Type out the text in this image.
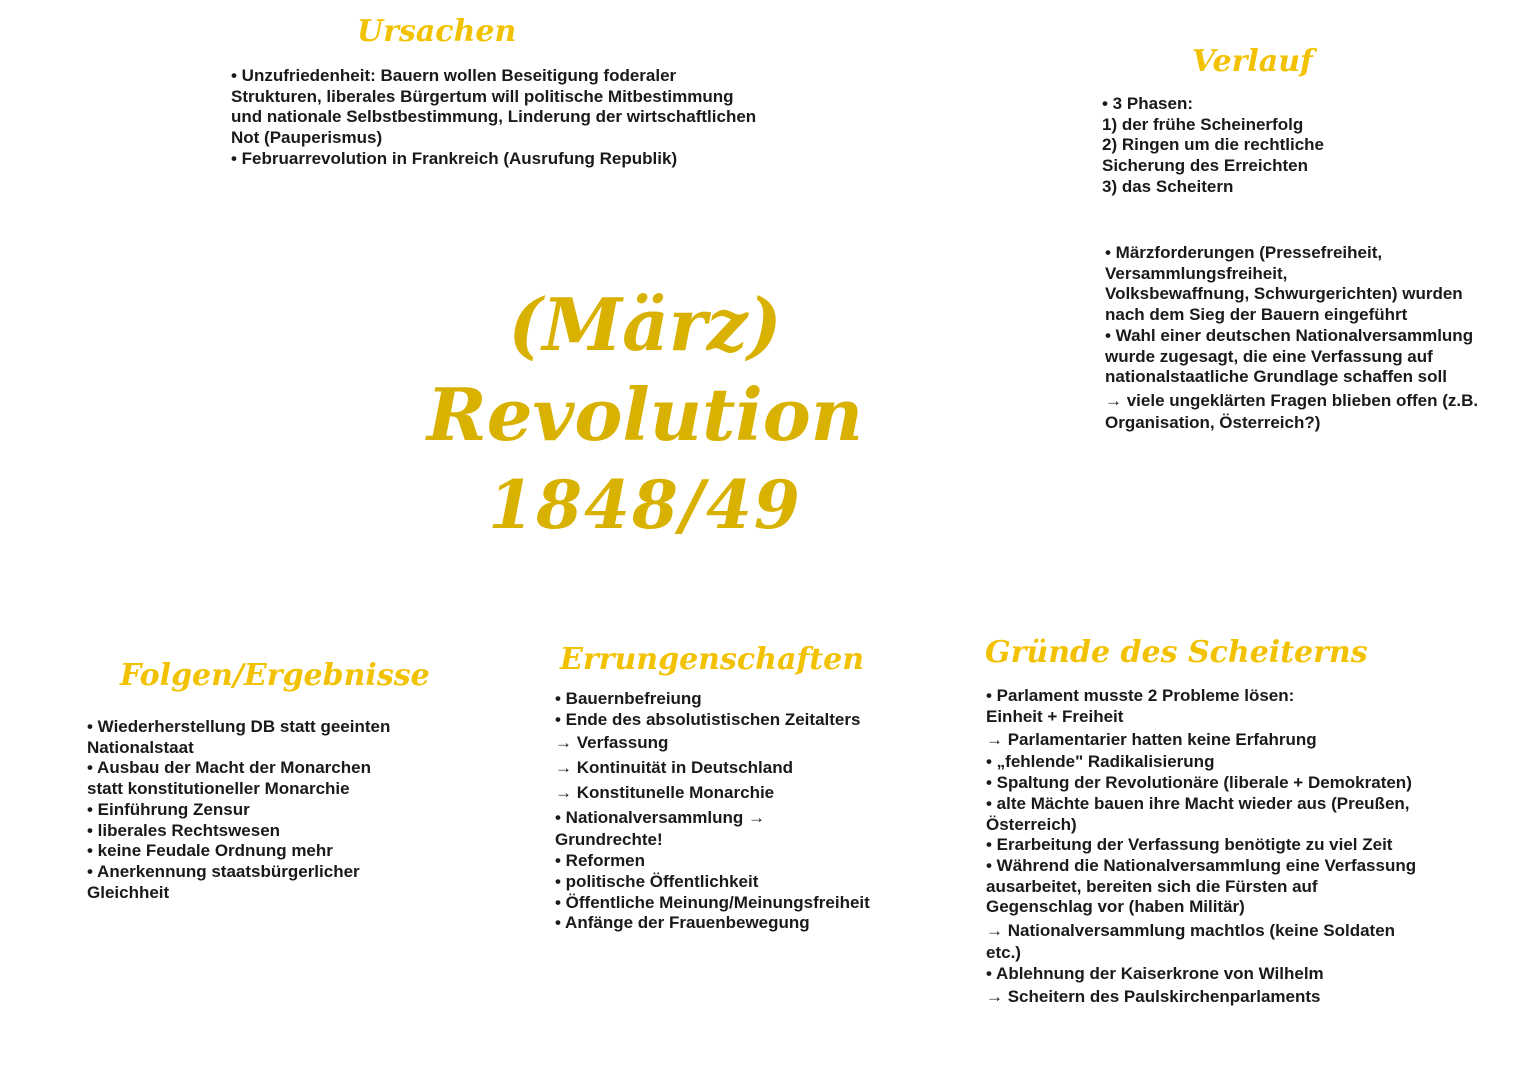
Ursachen
• Unzufriedenheit: Bauern wollen Beseitigung foderaler
Strukturen, liberales Bürgertum will politische Mitbestimmung
und nationale Selbstbestimmung, Linderung der wirtschaftlichen
Not (Pauperismus)
• Februarrevolution in Frankreich (Ausrufung Republik)
Verlauf
• 3 Phasen:
1) der frühe Scheinerfolg
2) Ringen um die rechtliche
Sicherung des Erreichten
3) das Scheitern
• Märzforderungen (Pressefreiheit,
Versammlungsfreiheit,
Volksbewaffnung, Schwurgerichten) wurden
nach dem Sieg der Bauern eingeführt
• Wahl einer deutschen Nationalversammlung
wurde zugesagt, die eine Verfassung auf
nationalstaatliche Grundlage schaffen soll
→ viele ungeklärten Fragen blieben offen (z.B.
Organisation, Österreich?)
(März) Revolution
1848/49
Folgen/Ergebnisse
• Wiederherstellung DB statt geeinten
Nationalstaat
• Ausbau der Macht der Monarchen
statt konstitutioneller Monarchie
• Einführung Zensur
• liberales Rechtswesen
• keine Feudale Ordnung mehr
• Anerkennung staatsbürgerlicher
Gleichheit
Errungenschaften
• Bauernbefreiung
• Ende des absolutistischen Zeitalters
→ Verfassung
→ Kontinuität in Deutschland
→ Konstitunelle Monarchie
• Nationalversammlung →
Grundrechte!
• Reformen
• politische Öffentlichkeit
• Öffentliche Meinung/Meinungsfreiheit
• Anfänge der Frauenbewegung
Gründe des Scheiterns
• Parlament musste 2 Probleme lösen:
Einheit + Freiheit
→ Parlamentarier hatten keine Erfahrung
• „fehlende" Radikalisierung
• Spaltung der Revolutionäre (liberale + Demokraten)
• alte Mächte bauen ihre Macht wieder aus (Preußen,
Österreich)
• Erarbeitung der Verfassung benötigte zu viel Zeit
• Während die Nationalversammlung eine Verfassung
ausarbeitet, bereiten sich die Fürsten auf
Gegenschlag vor (haben Militär)
→ Nationalversammlung machtlos (keine Soldaten
etc.)
• Ablehnung der Kaiserkrone von Wilhelm
→ Scheitern des Paulskirchenparlaments
